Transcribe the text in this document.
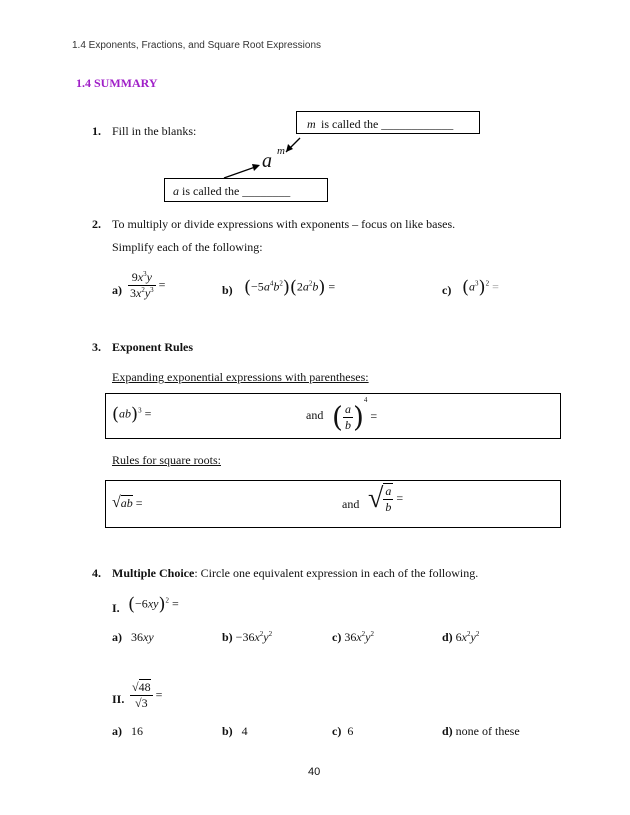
1.4 Exponents, Fractions, and Square Root Expressions
1.4 SUMMARY
1. Fill in the blanks:	m is called the ____________
a is called the ________
a m
2. To multiply or divide expressions with exponents – focus on like bases.
Simplify each of the following:
$a) \frac{9x^3y}{3x^2y^3}$ =	b) $(-5a^4b^2)(2a^2b)$ =	c) $(a^3)^2$ =
3. Exponent Rules
Expanding exponential expressions with parentheses:
(ab)$^3$ =	and ( $\frac{a}{b} )^4$ =
Rules for square roots:
√ab =	and √ $\frac{a}{b}$ =
4. Multiple Choice: Circle one equivalent expression in each of the following.
I. $(-6xy)^2$ =
a) 36xy	$b) -36x^2y^2$	c) $36x^2y^2$	d) $6x^2y^2$
II. $\frac{√48}{√3}$ =
a) 16	b) 4	c) 6	d) none of these
40
